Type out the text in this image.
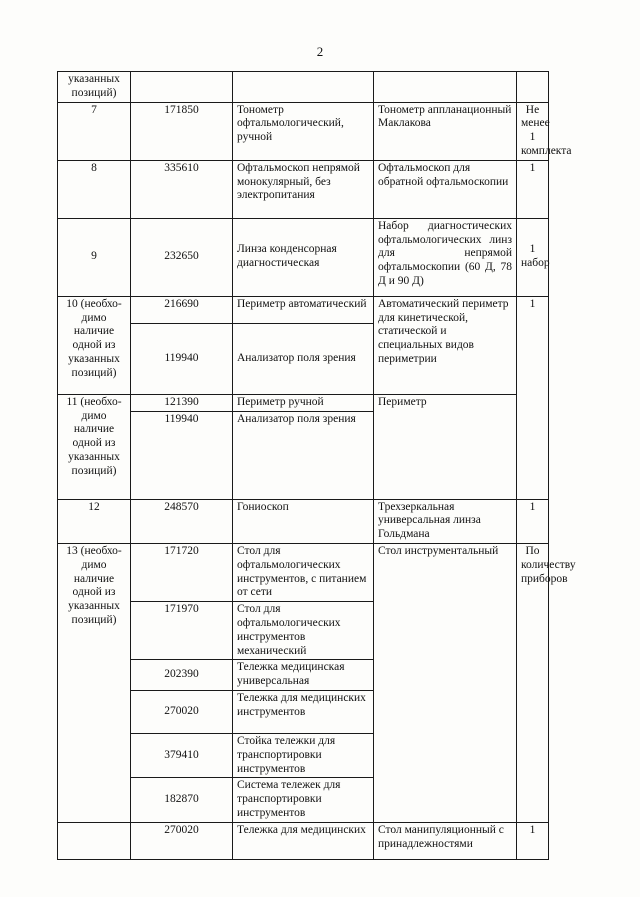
2
указанных позиций)				
7	171850	Тонометр офтальмологический, ручной	Тонометр аппланационный Маклакова	Не менее 1 комплекта
8	335610	Офтальмоскоп непрямой монокулярный, без электропитания	Офтальмоскоп для обратной офтальмоскопии	1
9	232650	Линза конденсорная диагностическая	Набор диагностических офтальмологических линз для непрямой офтальмоскопии (60 Д, 78 Д и 90 Д)	1 набор
10 (необхо-димо наличие одной из указанных позиций)	216690	Периметр автоматический	Автоматический периметр для кинетической, статической и специальных видов периметрии	1
	119940	Анализатор поля зрения		
11 (необхо-димо наличие одной из указанных позиций)	121390	Периметр ручной	Периметр	
	119940	Анализатор поля зрения		
12	248570	Гониоскоп	Трехзеркальная универсальная линза Гольдмана	1
13 (необхо-димо наличие одной из указанных позиций)	171720	Стол для офтальмологических инструментов, с питанием от сети	Стол инструментальный	По количеству приборов
	171970	Стол для офтальмологических инструментов механический		
	202390	Тележка медицинская универсальная		
	270020	Тележка для медицинских инструментов		
	379410	Стойка тележки для транспортировки инструментов		
	182870	Система тележек для транспортировки инструментов		
	270020	Тележка для медицинских	Стол манипуляционный с принадлежностями	1
